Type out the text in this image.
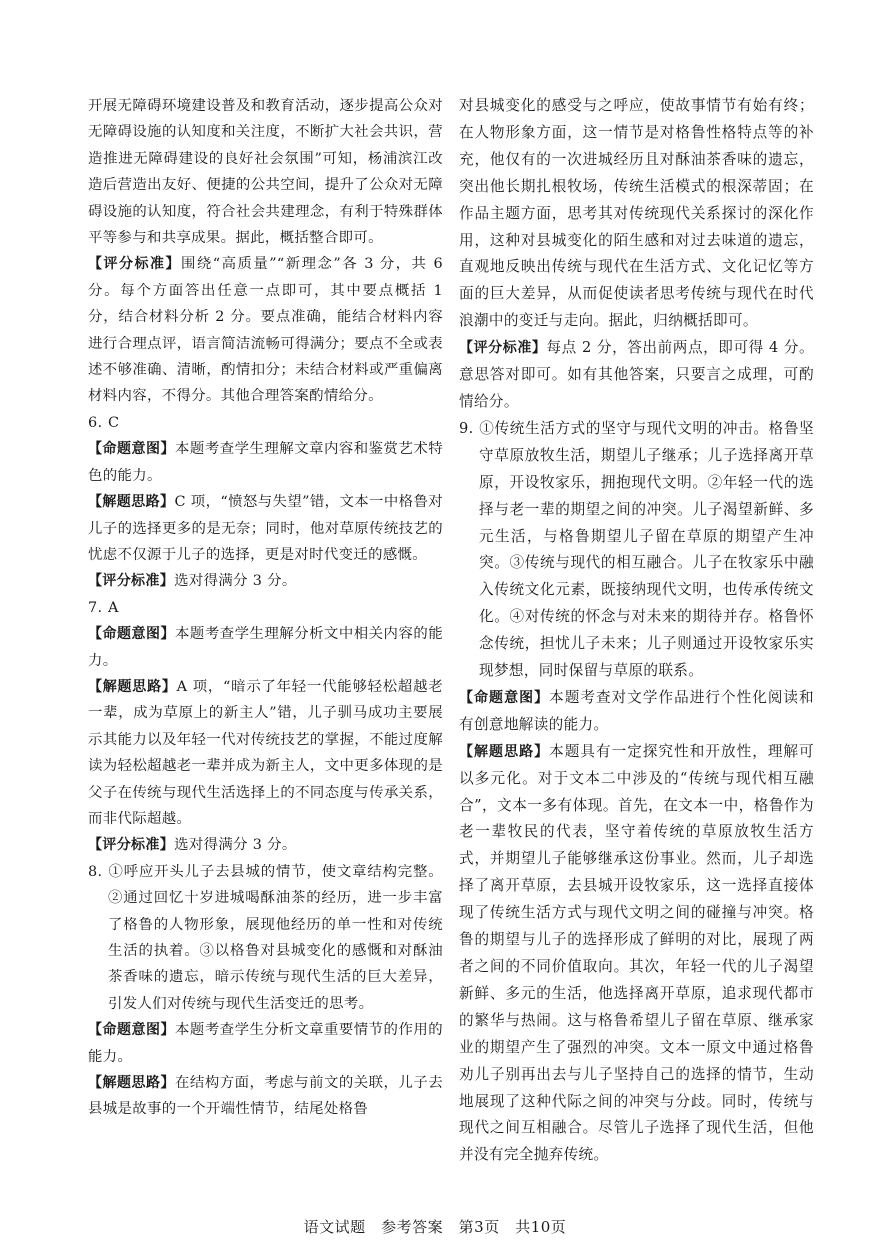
开展无障碍环境建设普及和教育活动，逐步提高公众对无障碍设施的认知度和关注度，不断扩大社会共识，营造推进无障碍建设的良好社会氛围”可知，杨浦滨江改造后营造出友好、便捷的公共空间，提升了公众对无障碍设施的认知度，符合社会共建理念，有利于特殊群体平等参与和共享成果。据此，概括整合即可。

【评分标准】围绕“高质量”“新理念”各 3 分，共 6 分。每个方面答出任意一点即可，其中要点概括 1 分，结合材料分析 2 分。要点准确，能结合材料内容进行合理点评，语言简洁流畅可得满分；要点不全或表述不够准确、清晰，酌情扣分；未结合材料或严重偏离材料内容，不得分。其他合理答案酌情给分。

6. C

【命题意图】本题考查学生理解文章内容和鉴赏艺术特色的能力。

【解题思路】C 项，“愤怒与失望”错，文本一中格鲁对儿子的选择更多的是无奈；同时，他对草原传统技艺的忧虑不仅源于儿子的选择，更是对时代变迁的感慨。

【评分标准】选对得满分 3 分。

7. A

【命题意图】本题考查学生理解分析文中相关内容的能力。

【解题思路】A 项，“暗示了年轻一代能够轻松超越老一辈，成为草原上的新主人”错，儿子驯马成功主要展示其能力以及年轻一代对传统技艺的掌握，不能过度解读为轻松超越老一辈并成为新主人，文中更多体现的是父子在传统与现代生活选择上的不同态度与传承关系，而非代际超越。

【评分标准】选对得满分 3 分。

8. ①呼应开头儿子去县城的情节，使文章结构完整。②通过回忆十岁进城喝酥油茶的经历，进一步丰富了格鲁的人物形象，展现他经历的单一性和对传统生活的执着。③以格鲁对县城变化的感慨和对酥油茶香味的遗忘，暗示传统与现代生活的巨大差异，引发人们对传统与现代生活变迁的思考。

【命题意图】本题考查学生分析文章重要情节的作用的能力。

【解题思路】在结构方面，考虑与前文的关联，儿子去县城是故事的一个开端性情节，结尾处格鲁

对县城变化的感受与之呼应，使故事情节有始有终；在人物形象方面，这一情节是对格鲁性格特点等的补充，他仅有的一次进城经历且对酥油茶香味的遗忘，突出他长期扎根牧场，传统生活模式的根深蒂固；在作品主题方面，思考其对传统现代关系探讨的深化作用，这种对县城变化的陌生感和对过去味道的遗忘，直观地反映出传统与现代在生活方式、文化记忆等方面的巨大差异，从而促使读者思考传统与现代在时代浪潮中的变迁与走向。据此，归纳概括即可。

【评分标准】每点 2 分，答出前两点，即可得 4 分。意思答对即可。如有其他答案，只要言之成理，可酌情给分。

9. ①传统生活方式的坚守与现代文明的冲击。格鲁坚守草原放牧生活，期望儿子继承；儿子选择离开草原，开设牧家乐，拥抱现代文明。②年轻一代的选择与老一辈的期望之间的冲突。儿子渴望新鲜、多元生活，与格鲁期望儿子留在草原的期望产生冲突。③传统与现代的相互融合。儿子在牧家乐中融入传统文化元素，既接纳现代文明，也传承传统文化。④对传统的怀念与对未来的期待并存。格鲁怀念传统，担忧儿子未来；儿子则通过开设牧家乐实现梦想，同时保留与草原的联系。

【命题意图】本题考查对文学作品进行个性化阅读和有创意地解读的能力。

【解题思路】本题具有一定探究性和开放性，理解可以多元化。对于文本二中涉及的“传统与现代相互融合”，文本一多有体现。首先，在文本一中，格鲁作为老一辈牧民的代表，坚守着传统的草原放牧生活方式，并期望儿子能够继承这份事业。然而，儿子却选择了离开草原，去县城开设牧家乐，这一选择直接体现了传统生活方式与现代文明之间的碰撞与冲突。格鲁的期望与儿子的选择形成了鲜明的对比，展现了两者之间的不同价值取向。其次，年轻一代的儿子渴望新鲜、多元的生活，他选择离开草原，追求现代都市的繁华与热闹。这与格鲁希望儿子留在草原、继承家业的期望产生了强烈的冲突。文本一原文中通过格鲁劝儿子别再出去与儿子坚持自己的选择的情节，生动地展现了这种代际之间的冲突与分歧。同时，传统与现代之间互相融合。尽管儿子选择了现代生活，但他并没有完全抛弃传统。

语文试题　参考答案　第3页　共10页
